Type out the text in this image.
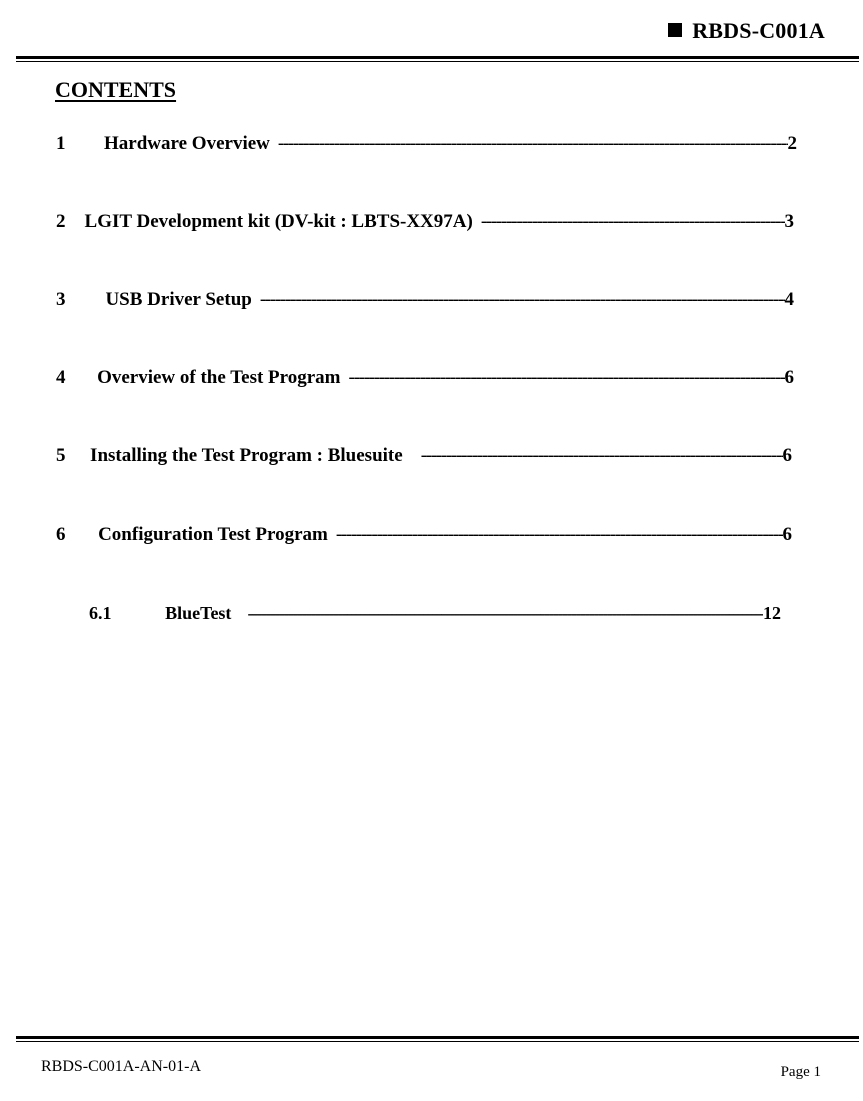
RBDS-C001A
CONTENTS
1	Hardware Overview - - -	2
2	LGIT Development kit (DV-kit : LBTS-XX97A) - - -	3
3	USB Driver Setup - - -	4
4	Overview of the Test Program - - -	6
5	Installing the Test Program : Bluesuite - - -	6
6	Configuration Test Program - - -	6
6.1	BlueTest - - -	12
RBDS-C001A-AN-01-A	Page 1
